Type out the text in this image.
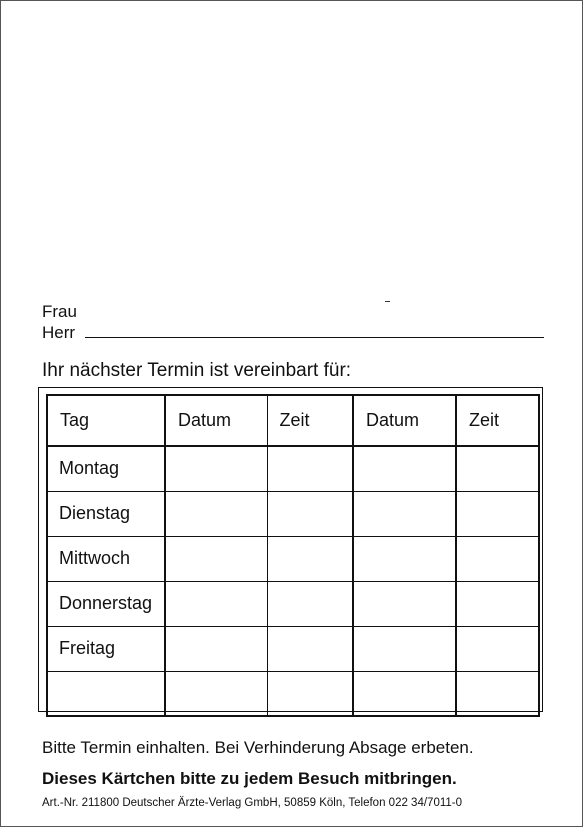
Frau
Herr
Ihr nächster Termin ist vereinbart für:
Tag	Datum	Zeit	Datum	Zeit
Montag				
Dienstag				
Mittwoch				
Donnerstag				
Freitag				

Bitte Termin einhalten. Bei Verhinderung Absage erbeten.
Dieses Kärtchen bitte zu jedem Besuch mitbringen.
Art.-Nr. 211800 Deutscher Ärzte-Verlag GmbH, 50859 Köln, Telefon 022 34/7011-0
